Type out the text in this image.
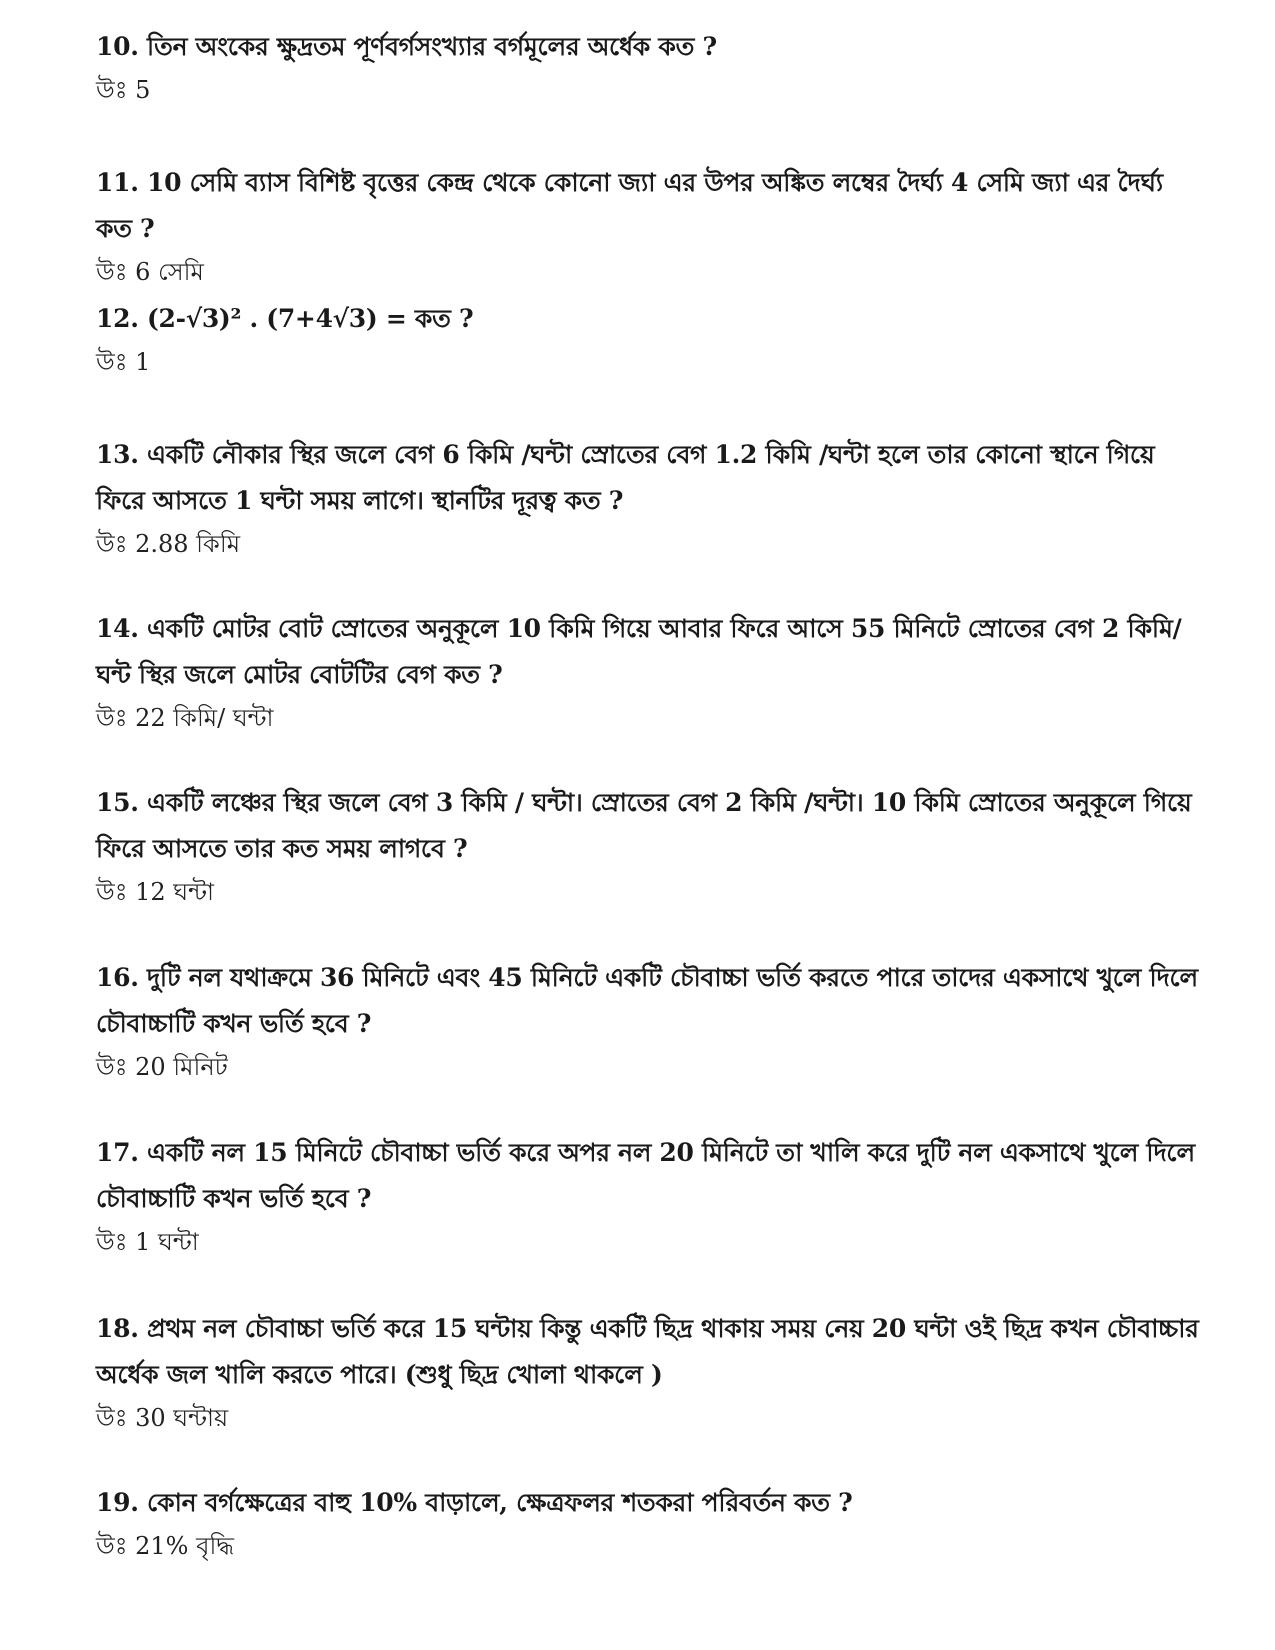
10. তিন অংকের ক্ষুদ্রতম পূর্ণবর্গসংখ্যার বর্গমূলের অর্ধেক কত ?

উঃ 5

11. 10 সেমি ব্যাস বিশিষ্ট বৃত্তের কেন্দ্র থেকে কোনো জ্যা এর উপর অঙ্কিত লম্বের দৈর্ঘ্য 4 সেমি জ্যা এর দৈর্ঘ্য কত ?

উঃ 6 সেমি

12. (2-√3)² . (7+4√3) = কত ?

উঃ 1

13. একটি নৌকার স্থির জলে বেগ 6 কিমি /ঘন্টা স্রোতের বেগ 1.2 কিমি /ঘন্টা হলে তার কোনো স্থানে গিয়ে ফিরে আসতে 1 ঘন্টা সময় লাগে। স্থানটির দূরত্ব কত ?

উঃ 2.88 কিমি

14. একটি মোটর বোট স্রোতের অনুকূলে 10 কিমি গিয়ে আবার ফিরে আসে 55 মিনিটে স্রোতের বেগ 2 কিমি/ ঘন্ট স্থির জলে মোটর বোটটির বেগ কত ?

উঃ 22 কিমি/ ঘন্টা

15. একটি লঞ্চের স্থির জলে বেগ 3 কিমি / ঘন্টা। স্রোতের বেগ 2 কিমি /ঘন্টা। 10 কিমি স্রোতের অনুকূলে গিয়ে ফিরে আসতে তার কত সময় লাগবে ?

উঃ 12 ঘন্টা

16. দুটি নল যথাক্রমে 36 মিনিটে এবং 45 মিনিটে একটি চৌবাচ্চা ভর্তি করতে পারে তাদের একসাথে খুলে দিলে চৌবাচ্চাটি কখন ভর্তি হবে ?

উঃ 20 মিনিট

17. একটি নল 15 মিনিটে চৌবাচ্চা ভর্তি করে অপর নল 20 মিনিটে তা খালি করে দুটি নল একসাথে খুলে দিলে চৌবাচ্চাটি কখন ভর্তি হবে ?

উঃ 1 ঘন্টা

18. প্রথম নল চৌবাচ্চা ভর্তি করে 15 ঘন্টায় কিন্তু একটি ছিদ্র থাকায় সময় নেয় 20 ঘন্টা ওই ছিদ্র কখন চৌবাচ্চার অর্ধেক জল খালি করতে পারে। (শুধু ছিদ্র খোলা থাকলে )

উঃ 30 ঘন্টায়

19. কোন বর্গক্ষেত্রের বাহু 10% বাড়ালে, ক্ষেত্রফলর শতকরা পরিবর্তন কত ?

উঃ 21% বৃদ্ধি
